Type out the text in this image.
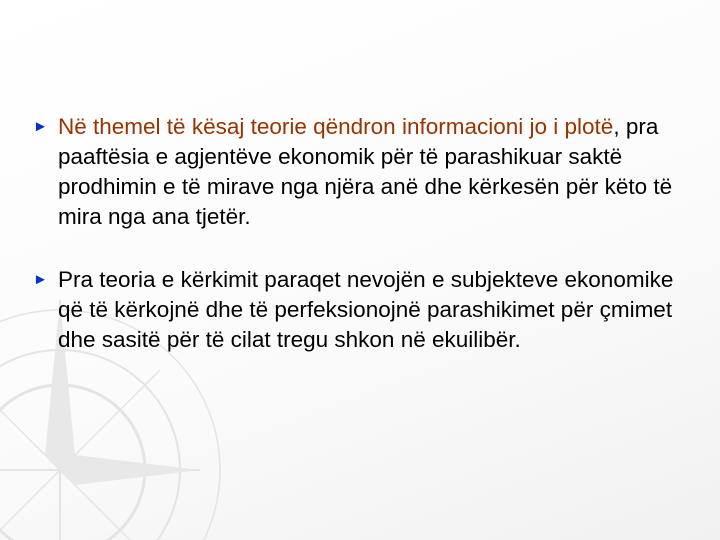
► Në themel të kësaj teorie qëndron informacioni jo i plotë, pra paaftësia e agjentëve ekonomik për të parashikuar saktë prodhimin e të mirave nga njëra anë dhe kërkesën për këto të mira nga ana tjetër.
► Pra teoria e kërkimit paraqet nevojën e subjekteve ekonomike që të kërkojnë dhe të perfeksionojnë parashikimet për çmimet dhe sasitë për të cilat tregu shkon në ekuilibër.
